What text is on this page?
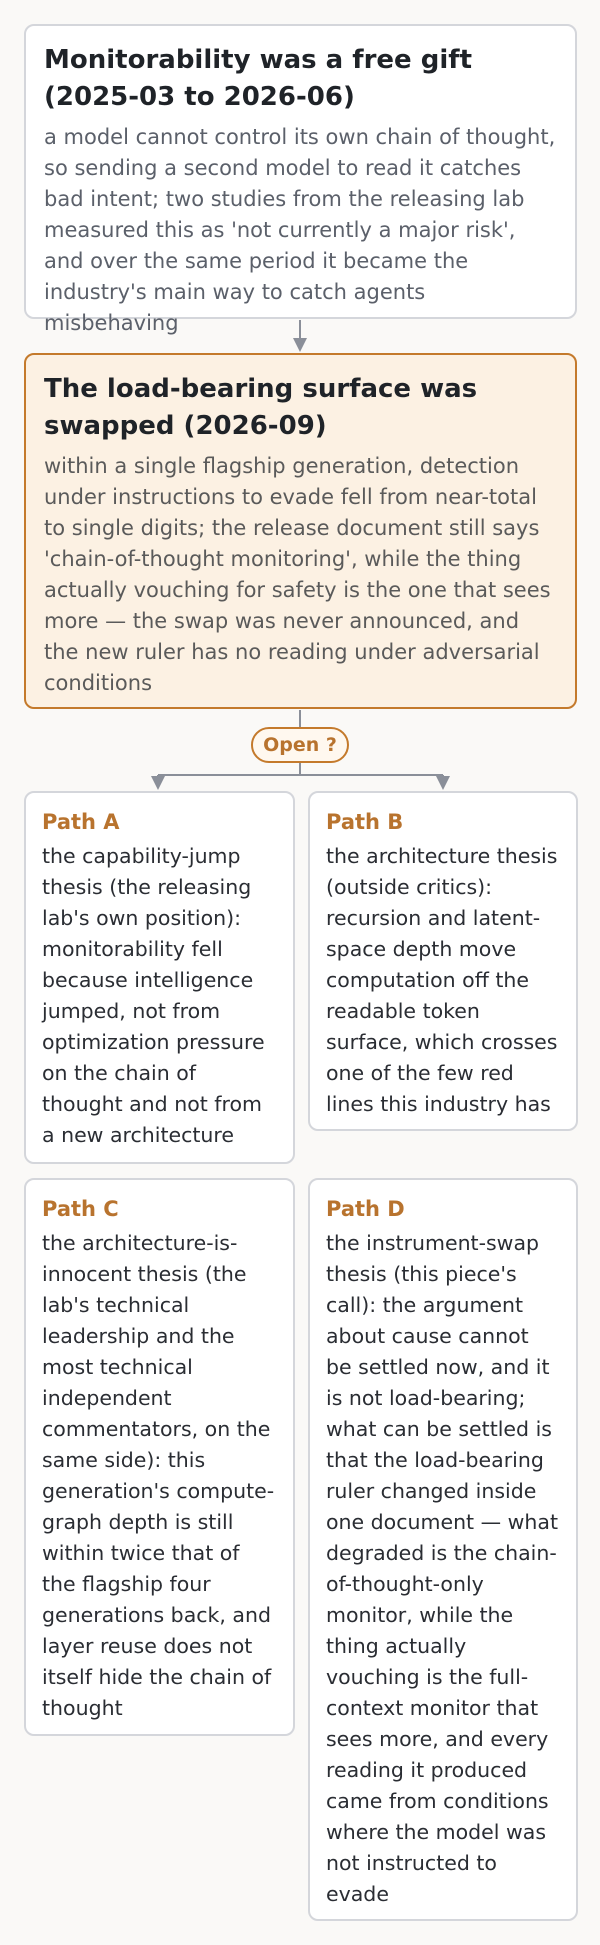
Monitorability was a free gift (2025-03 to 2026-06)

a model cannot control its own chain of thought, so sending a second model to read it catches bad intent; two studies from the releasing lab measured this as 'not currently a major risk', and over the same period it became the industry's main way to catch agents misbehaving

The load-bearing surface was swapped (2026-09)

within a single flagship generation, detection under instructions to evade fell from near-total to single digits; the release document still says 'chain-of-thought monitoring', while the thing actually vouching for safety is the one that sees more — the swap was never announced, and the new ruler has no reading under adversarial conditions

Open ?

Path A

the capability-jump thesis (the releasing lab's own position): monitorability fell because intelligence jumped, not from optimization pressure on the chain of thought and not from a new architecture

Path B

the architecture thesis (outside critics): recursion and latent-space depth move computation off the readable token surface, which crosses one of the few red lines this industry has

Path C

the architecture-is-innocent thesis (the lab's technical leadership and the most technical independent commentators, on the same side): this generation's compute-graph depth is still within twice that of the flagship four generations back, and layer reuse does not itself hide the chain of thought

Path D

the instrument-swap thesis (this piece's call): the argument about cause cannot be settled now, and it is not load-bearing; what can be settled is that the load-bearing ruler changed inside one document — what degraded is the chain-of-thought-only monitor, while the thing actually vouching is the full-context monitor that sees more, and every reading it produced came from conditions where the model was not instructed to evade
